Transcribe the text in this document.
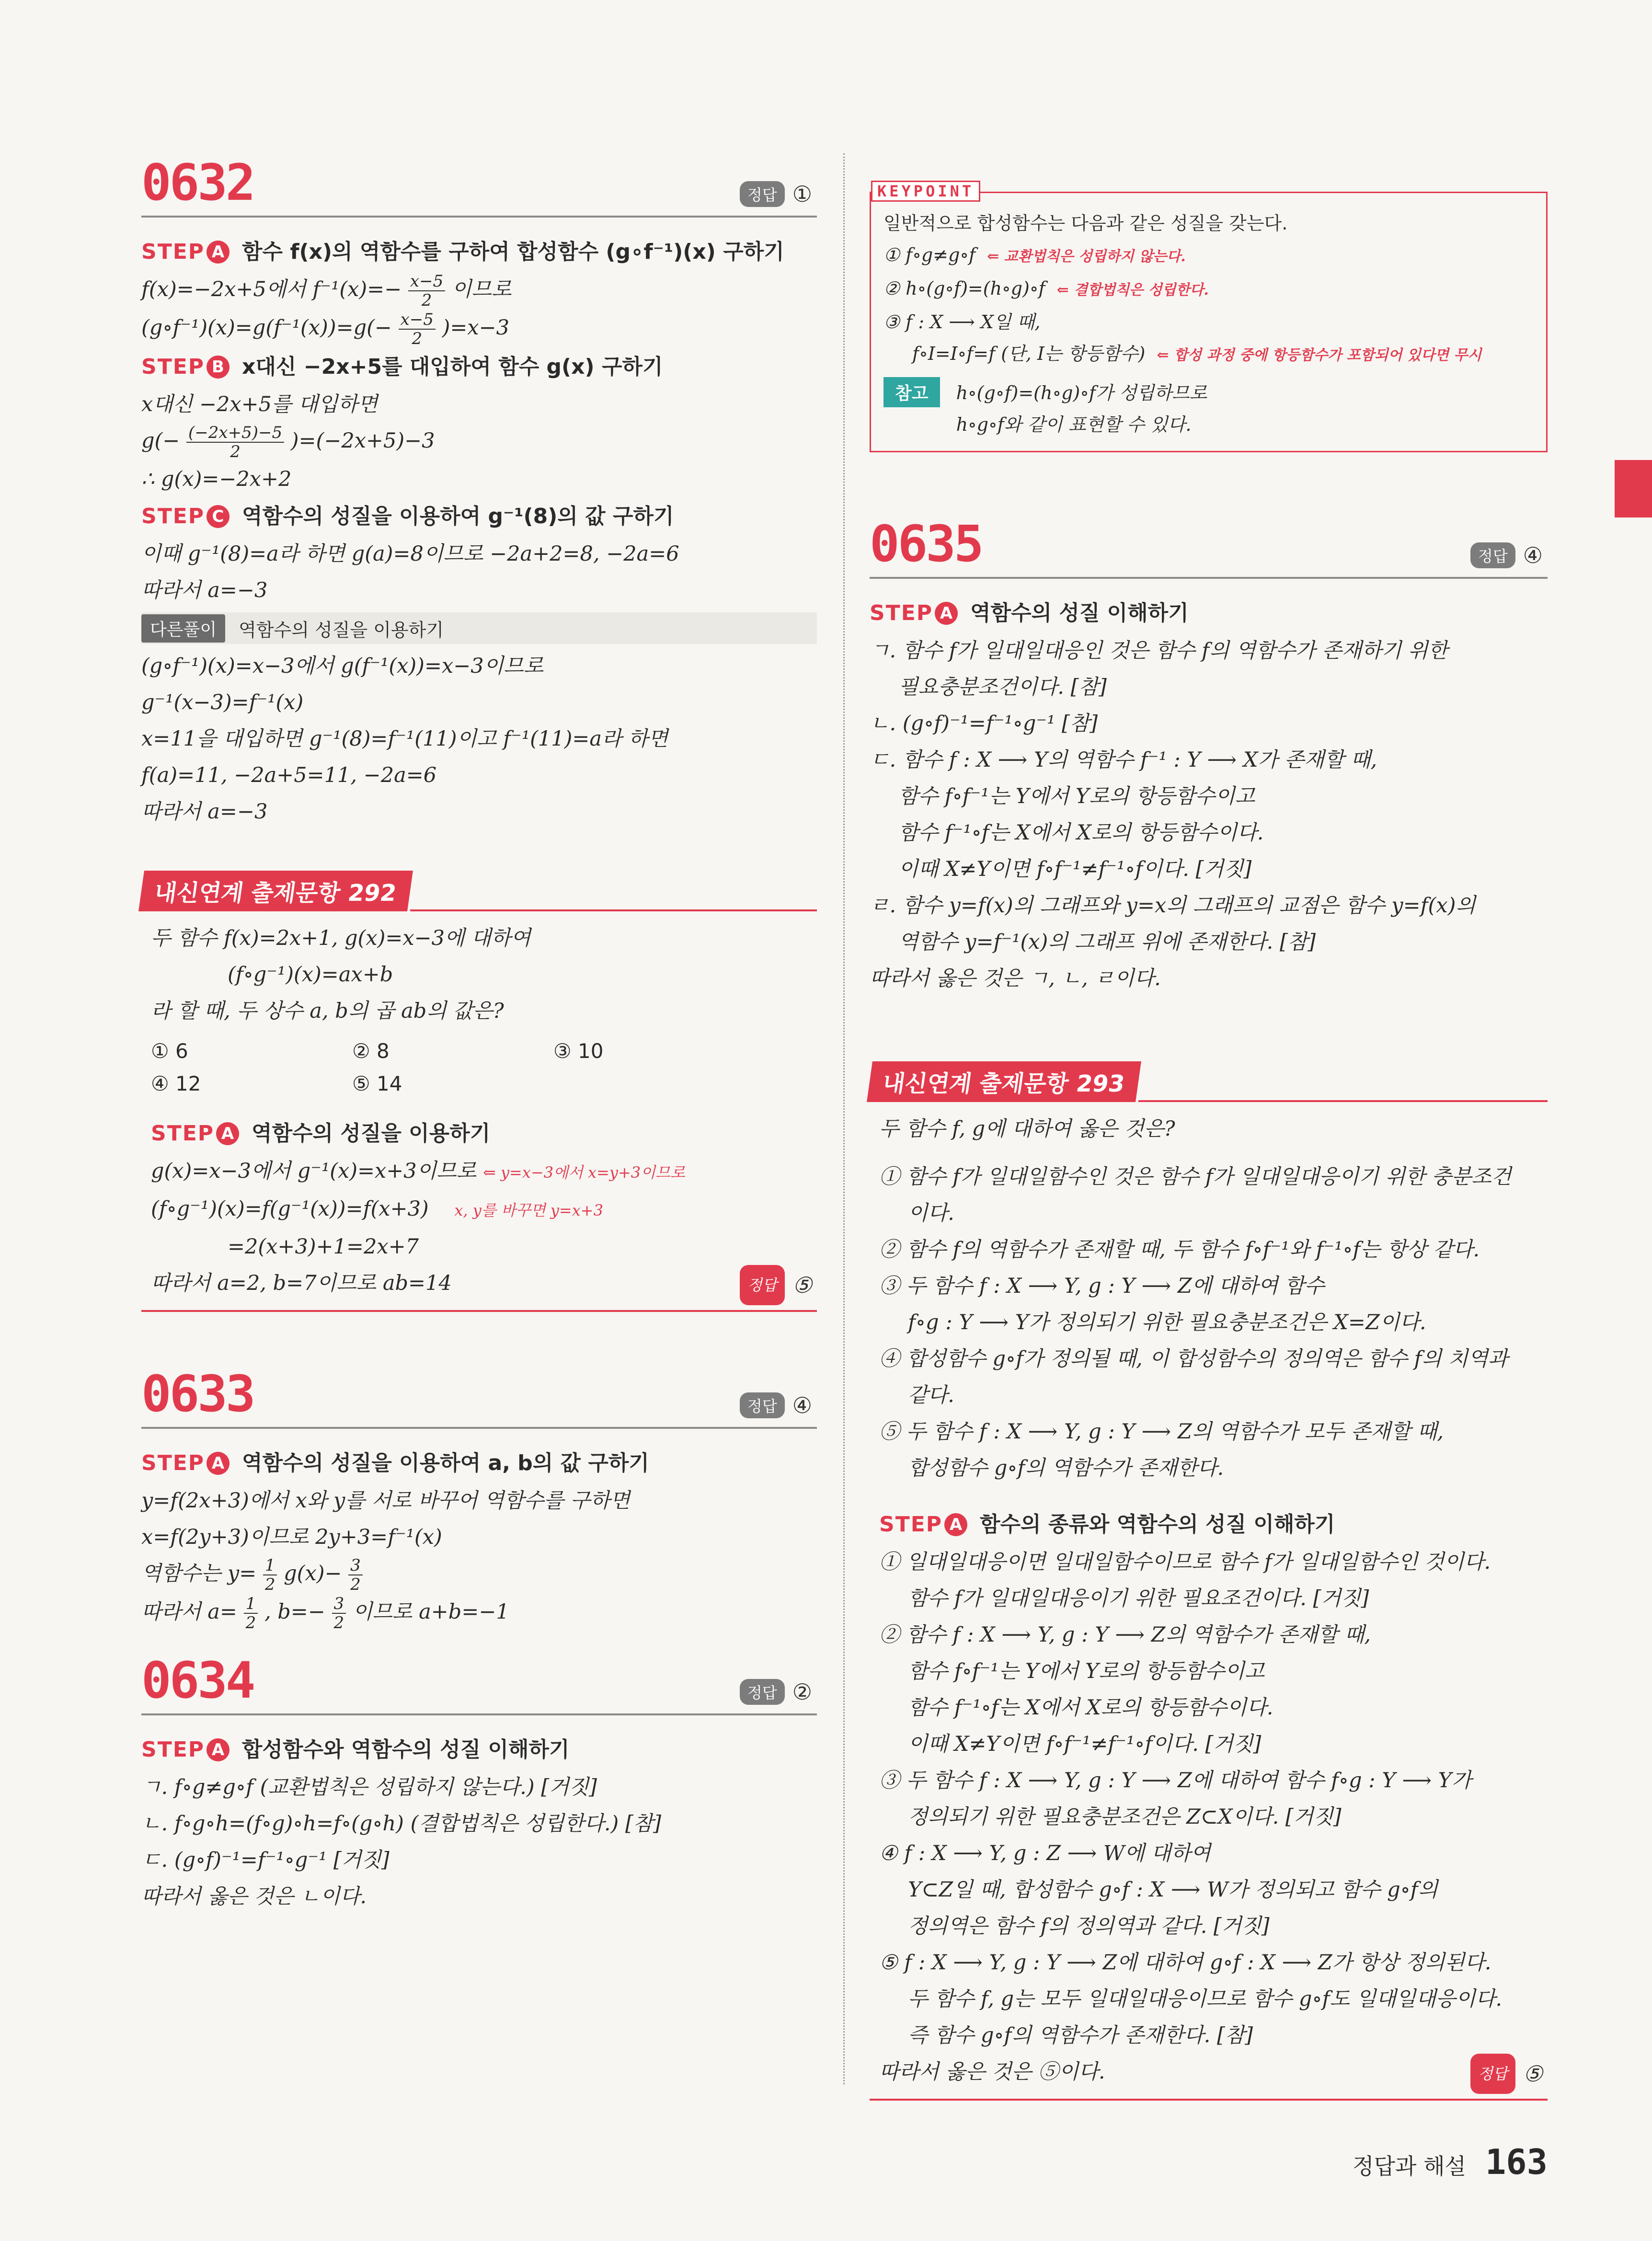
0632	정답 ①
STEP A 함수 f(x)의 역함수를 구하여 합성함수 (g∘f⁻¹)(x) 구하기
f(x)=−2x+5에서 $f^{-1}(x)=- \frac{x-5}{2}$ 이므로
(g∘f⁻¹)(x)=g(f⁻¹(x))=g(− $\frac{x-5}{2} )=x-3$
STEP B x대신 −2x+5를 대입하여 함수 g(x) 구하기
x대신 −2x+5를 대입하면
$g(- \frac{(-2x+5)-5}{2} )=(-2x+5)-3$
∴ g(x)=−2x+2
STEP C 역함수의 성질을 이용하여 g⁻¹(8)의 값 구하기
이때 g⁻¹(8)=a라 하면 g(a)=8이므로 −2a+2=8, −2a=6
따라서 a=−3
다른풀이	역함수의 성질을 이용하기
(g∘f⁻¹)(x)=x−3에서 g(f⁻¹(x))=x−3이므로
g⁻¹(x−3)=f⁻¹(x)
x=11을 대입하면 g⁻¹(8)=f⁻¹(11)이고 f⁻¹(11)=a라 하면
f(a)=11, −2a+5=11, −2a=6
따라서 a=−3
내신연계 출제문항 292
두 함수 f(x)=2x+1, g(x)=x−3에 대하여
(f∘g⁻¹)(x)=ax+b
라 할 때, 두 상수 a, b의 곱 ab의 값은?
① 6	② 8	③ 10
④ 12	⑤ 14
STEP A 역함수의 성질을 이용하기
g(x)=x−3에서 g⁻¹(x)=x+3이므로 ⇐ y=x−3에서 x=y+3이므로
(f∘g⁻¹)(x)=f(g⁻¹(x))=f(x+3) x, y를 바꾸면 y=x+3
=2(x+3)+1=2x+7
따라서 a=2, b=7이므로 ab=14	정답 ⑤
0633	정답 ④
STEP A 역함수의 성질을 이용하여 a, b의 값 구하기
y=f(2x+3)에서 x와 y를 서로 바꾸어 역함수를 구하면
x=f(2y+3)이므로 2y+3=f⁻¹(x)
역함수는 $y= \frac{1}{2} g(x)- \frac{3}{2}$
따라서 $a= \frac{1}{2}$ , $b=- \frac{3}{2}$ 이므로 a+b=−1
0634	정답 ②
STEP A 합성함수와 역함수의 성질 이해하기
ㄱ. f∘g≠g∘f (교환법칙은 성립하지 않는다.) [거짓]
ㄴ. f∘g∘h=(f∘g)∘h=f∘(g∘h) (결합법칙은 성립한다.) [참]
ㄷ. (g∘f)⁻¹=f⁻¹∘g⁻¹ [거짓]
따라서 옳은 것은 ㄴ이다.
KEYPOINT
일반적으로 합성함수는 다음과 같은 성질을 갖는다.
① f∘g≠g∘f ⇐ 교환법칙은 성립하지 않는다.
② h∘(g∘f)=(h∘g)∘f ⇐ 결합법칙은 성립한다.
③ f : X ⟶ X일 때,
f∘I=I∘f=f (단, I는 항등함수) ⇐ 합성 과정 중에 항등함수가 포함되어 있다면 무시
참고	h∘(g∘f)=(h∘g)∘f가 성립하므로
h∘g∘f와 같이 표현할 수 있다.
0635	정답 ④
STEP A 역함수의 성질 이해하기
ㄱ. 함수 f가 일대일대응인 것은 함수 f의 역함수가 존재하기 위한
필요충분조건이다. [참]
ㄴ. (g∘f)⁻¹=f⁻¹∘g⁻¹ [참]
ㄷ. 함수 f : X ⟶ Y의 역함수 f⁻¹ : Y ⟶ X가 존재할 때,
함수 f∘f⁻¹는 Y에서 Y로의 항등함수이고
함수 f⁻¹∘f는 X에서 X로의 항등함수이다.
이때 X≠Y이면 f∘f⁻¹≠f⁻¹∘f이다. [거짓]
ㄹ. 함수 y=f(x)의 그래프와 y=x의 그래프의 교점은 함수 y=f(x)의
역함수 y=f⁻¹(x)의 그래프 위에 존재한다. [참]
따라서 옳은 것은 ㄱ, ㄴ, ㄹ이다.
내신연계 출제문항 293
두 함수 f, g에 대하여 옳은 것은?
① 함수 f가 일대일함수인 것은 함수 f가 일대일대응이기 위한 충분조건
이다.
② 함수 f의 역함수가 존재할 때, 두 함수 f∘f⁻¹와 f⁻¹∘f는 항상 같다.
③ 두 함수 f : X ⟶ Y, g : Y ⟶ Z에 대하여 함수
f∘g : Y ⟶ Y가 정의되기 위한 필요충분조건은 X=Z이다.
④ 합성함수 g∘f가 정의될 때, 이 합성함수의 정의역은 함수 f의 치역과
같다.
⑤ 두 함수 f : X ⟶ Y, g : Y ⟶ Z의 역함수가 모두 존재할 때,
합성함수 g∘f의 역함수가 존재한다.
STEP A 함수의 종류와 역함수의 성질 이해하기
① 일대일대응이면 일대일함수이므로 함수 f가 일대일함수인 것이다.
함수 f가 일대일대응이기 위한 필요조건이다. [거짓]
② 함수 f : X ⟶ Y, g : Y ⟶ Z의 역함수가 존재할 때,
함수 f∘f⁻¹는 Y에서 Y로의 항등함수이고
함수 f⁻¹∘f는 X에서 X로의 항등함수이다.
이때 X≠Y이면 f∘f⁻¹≠f⁻¹∘f이다. [거짓]
③ 두 함수 f : X ⟶ Y, g : Y ⟶ Z에 대하여 함수 f∘g : Y ⟶ Y가
정의되기 위한 필요충분조건은 Z⊂X이다. [거짓]
④ f : X ⟶ Y, g : Z ⟶ W에 대하여
Y⊂Z일 때, 합성함수 g∘f : X ⟶ W가 정의되고 함수 g∘f의
정의역은 함수 f의 정의역과 같다. [거짓]
⑤ f : X ⟶ Y, g : Y ⟶ Z에 대하여 g∘f : X ⟶ Z가 항상 정의된다.
두 함수 f, g는 모두 일대일대응이므로 함수 g∘f도 일대일대응이다.
즉 함수 g∘f의 역함수가 존재한다. [참]
따라서 옳은 것은 ⑤이다.	정답 ⑤
정답과 해설 163
